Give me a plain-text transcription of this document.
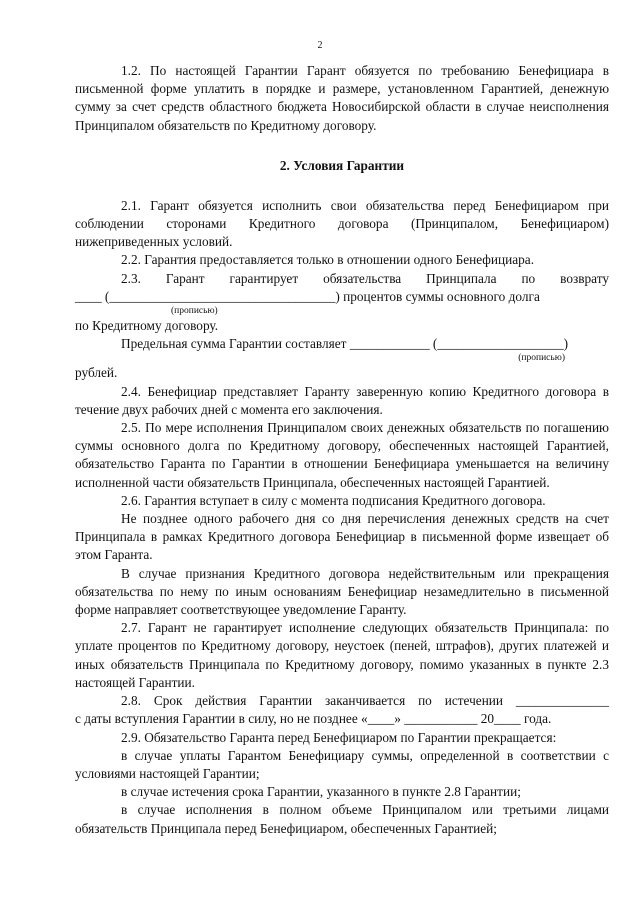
2

1.2. По настоящей Гарантии Гарант обязуется по требованию Бенефициара в письменной форме уплатить в порядке и размере, установленном Гарантией, денежную сумму за счет средств областного бюджета Новосибирской области в случае неисполнения Принципалом обязательств по Кредитному договору.

2. Условия Гарантии

2.1. Гарант обязуется исполнить свои обязательства перед Бенефициаром при соблюдении сторонами Кредитного договора (Принципалом, Бенефициаром) нижеприведенных условий.

2.2. Гарантия предоставляется только в отношении одного Бенефициара.

2.3. Гарант гарантирует обязательства Принципала по возврату

____ (__________________________________) процентов суммы основного долга

(прописью)

по Кредитному договору.

Предельная сумма Гарантии составляет ____________ (___________________)

(прописью)

рублей.

2.4. Бенефициар представляет Гаранту заверенную копию Кредитного договора в течение двух рабочих дней с момента его заключения.

2.5. По мере исполнения Принципалом своих денежных обязательств по погашению суммы основного долга по Кредитному договору, обеспеченных настоящей Гарантией, обязательство Гаранта по Гарантии в отношении Бенефициара уменьшается на величину исполненной части обязательств Принципала, обеспеченных настоящей Гарантией.

2.6. Гарантия вступает в силу с момента подписания Кредитного договора.

Не позднее одного рабочего дня со дня перечисления денежных средств на счет Принципала в рамках Кредитного договора Бенефициар в письменной форме извещает об этом Гаранта.

В случае признания Кредитного договора недействительным или прекращения обязательства по нему по иным основаниям Бенефициар незамедлительно в письменной форме направляет соответствующее уведомление Гаранту.

2.7. Гарант не гарантирует исполнение следующих обязательств Принципала: по уплате процентов по Кредитному договору, неустоек (пеней, штрафов), других платежей и иных обязательств Принципала по Кредитному договору, помимо указанных в пункте 2.3 настоящей Гарантии.

2.8. Срок действия Гарантии заканчивается по истечении ______________

с даты вступления Гарантии в силу, но не позднее «____» ___________ 20____ года.

2.9. Обязательство Гаранта перед Бенефициаром по Гарантии прекращается:

в случае уплаты Гарантом Бенефициару суммы, определенной в соответствии с условиями настоящей Гарантии;

в случае истечения срока Гарантии, указанного в пункте 2.8 Гарантии;

в случае исполнения в полном объеме Принципалом или третьими лицами обязательств Принципала перед Бенефициаром, обеспеченных Гарантией;
